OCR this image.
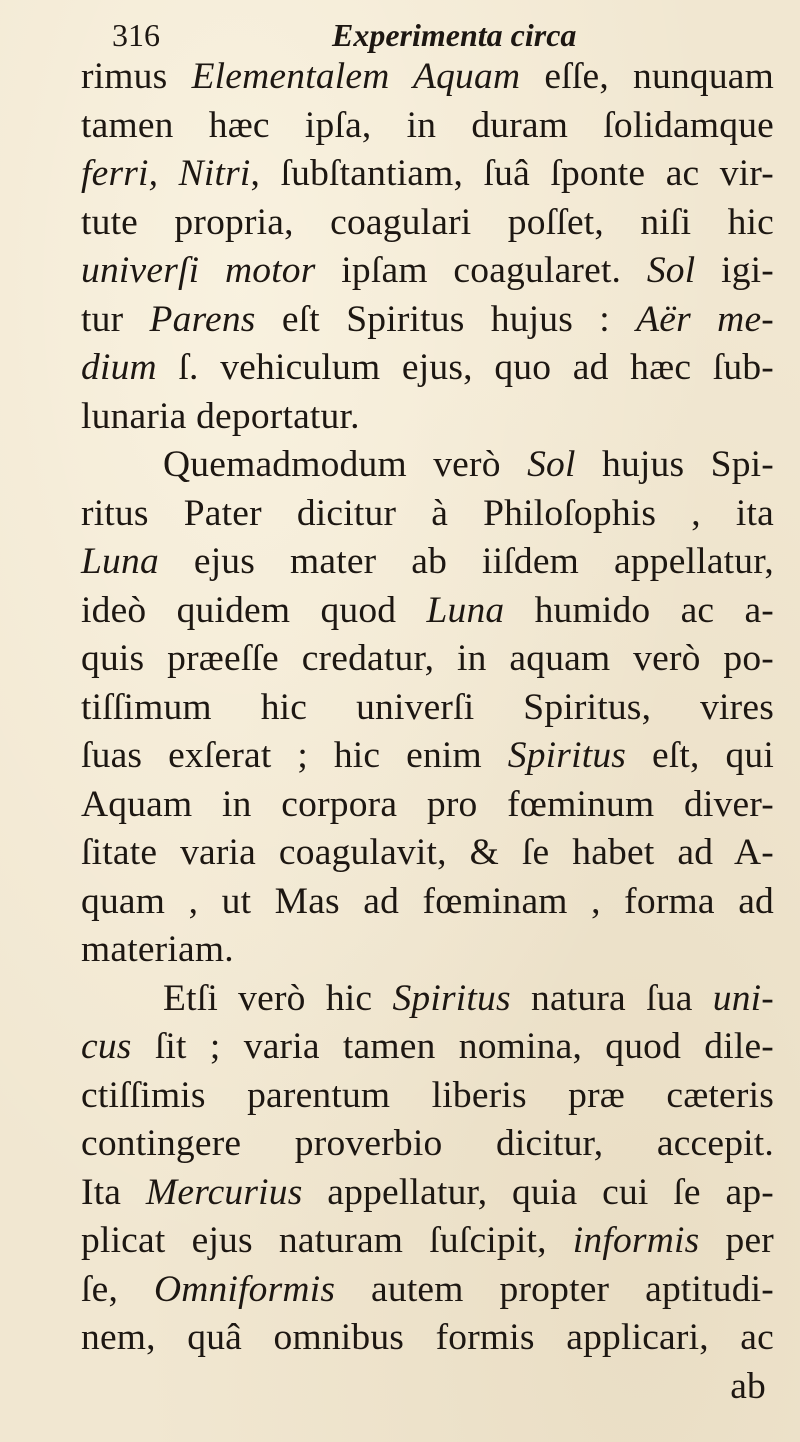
316	Experimenta circa
rimus Elementalem Aquam eſſe, nunquam
tamen hæc ipſa, in duram ſolidamque
ferri, Nitri, ſubſtantiam, ſuâ ſponte ac vir-
tute propria, coagulari poſſet, niſi hic
univerſi motor ipſam coagularet. Sol igi-
tur Parens eſt Spiritus hujus : Aër me-
dium ſ. vehiculum ejus, quo ad hæc ſub-
lunaria deportatur.
Quemadmodum verò Sol hujus Spi-
ritus Pater dicitur à Philoſophis , ita
Luna ejus mater ab iiſdem appellatur,
ideò quidem quod Luna humido ac a-
quis præeſſe credatur, in aquam verò po-
tiſſimum hic univerſi Spiritus, vires
ſuas exſerat ; hic enim Spiritus eſt, qui
Aquam in corpora pro fœminum diver-
ſitate varia coagulavit, & ſe habet ad A-
quam , ut Mas ad fœminam , forma ad
materiam.
Etſi verò hic Spiritus natura ſua uni-
cus ſit ; varia tamen nomina, quod dile-
ctiſſimis parentum liberis præ cæteris
contingere proverbio dicitur, accepit.
Ita Mercurius appellatur, quia cui ſe ap-
plicat ejus naturam ſuſcipit, informis per
ſe, Omniformis autem propter aptitudi-
nem, quâ omnibus formis applicari, ac
ab
